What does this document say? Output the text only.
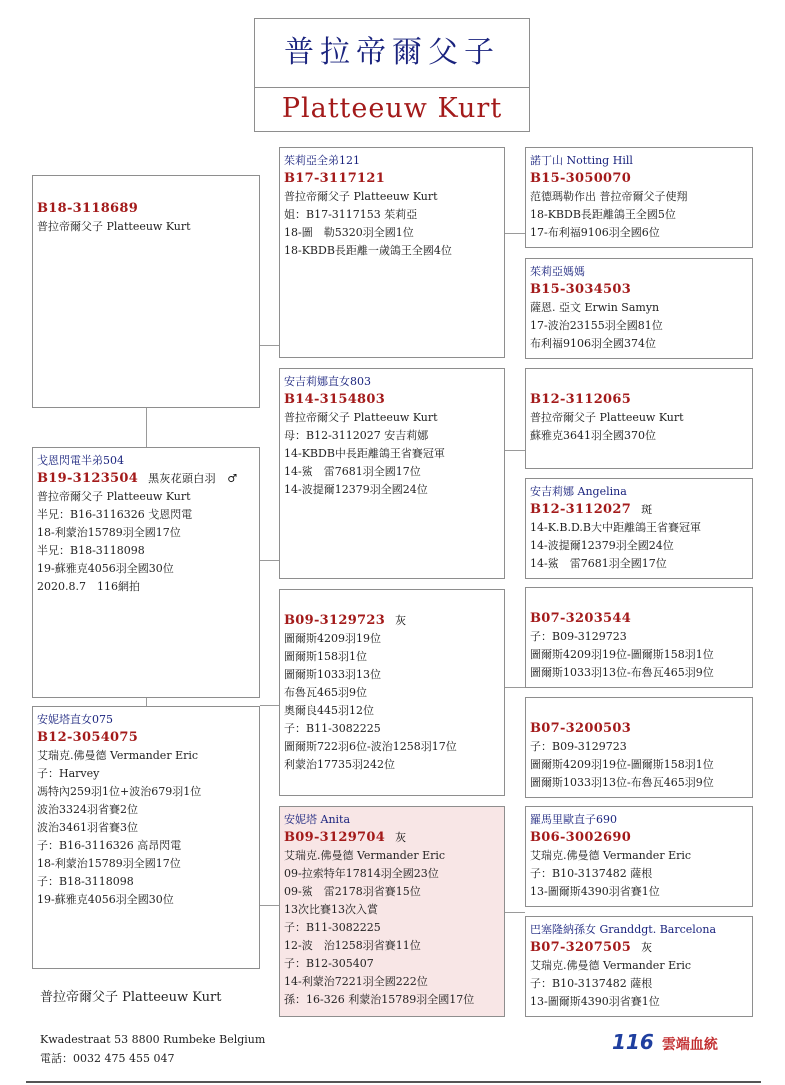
普拉帝爾父子
Platteeuw Kurt
B18-3118689
普拉帝爾父子 Platteeuw Kurt
戈恩閃電半弟504
B19-3123504 黑灰花頭白羽　♂
普拉帝爾父子 Platteeuw Kurt
半兄：B16-3116326 戈恩閃電
18-利蒙治15789羽全國17位
半兄：B18-3118098
19-蘇雅克4056羽全國30位
2020.8.7　116網拍
安妮塔直女075
B12-3054075
艾瑞克.佛曼德 Vermander Eric
子：Harvey
馮特內259羽1位+波治679羽1位
波治3324羽省賽2位
波治3461羽省賽3位
子：B16-3116326 高昂閃電
18-利蒙治15789羽全國17位
子：B18-3118098
19-蘇雅克4056羽全國30位
茱莉亞全弟121
B17-3117121
普拉帝爾父子 Platteeuw Kurt
姐：B17-3117153 茱莉亞
18-圖　勒5320羽全國1位
18-KBDB長距離一歲鴿王全國4位
安吉莉娜直女803
B14-3154803
普拉帝爾父子 Platteeuw Kurt
母：B12-3112027 安吉莉娜
14-KBDB中長距離鴿王省賽冠軍
14-鯊　雷7681羽全國17位
14-波提爾12379羽全國24位
B09-3129723 灰
圖爾斯4209羽19位
圖爾斯158羽1位
圖爾斯1033羽13位
布魯瓦465羽9位
奧爾良445羽12位
子：B11-3082225
圖爾斯722羽6位-波治1258羽17位
利蒙治17735羽242位
安妮塔 Anita
B09-3129704 灰
艾瑞克.佛曼德 Vermander Eric
09-拉索特年17814羽全國23位
09-鯊　雷2178羽省賽15位
13次比賽13次入賞
子：B11-3082225
12-波　治1258羽省賽11位
子：B12-305407
14-利蒙治7221羽全國222位
孫：16-326 利蒙治15789羽全國17位
諾丁山 Notting Hill
B15-3050070
范德瑪勒作出 普拉帝爾父子使翔
18-KBDB長距離鴿王全國5位
17-布利福9106羽全國6位
茱莉亞媽媽
B15-3034503
薩恩. 亞文 Erwin Samyn
17-波治23155羽全國81位
布利福9106羽全國374位
B12-3112065
普拉帝爾父子 Platteeuw Kurt
蘇雅克3641羽全國370位
安吉莉娜 Angelina
B12-3112027 斑
14-K.B.D.B大中距離鴿王省賽冠軍
14-波提爾12379羽全國24位
14-鯊　雷7681羽全國17位
B07-3203544
子：B09-3129723
圖爾斯4209羽19位-圖爾斯158羽1位
圖爾斯1033羽13位-布魯瓦465羽9位
B07-3200503
子：B09-3129723
圖爾斯4209羽19位-圖爾斯158羽1位
圖爾斯1033羽13位-布魯瓦465羽9位
羅馬里歐直子690
B06-3002690
艾瑞克.佛曼德 Vermander Eric
子：B10-3137482 薩根
13-圖爾斯4390羽省賽1位
巴塞隆納孫女 Granddgt. Barcelona
B07-3207505 灰
艾瑞克.佛曼德 Vermander Eric
子：B10-3137482 薩根
13-圖爾斯4390羽省賽1位
普拉帝爾父子 Platteeuw Kurt
Kwadestraat 53 8800 Rumbeke Belgium
電話：0032 475 455 047
116 雲端血統
